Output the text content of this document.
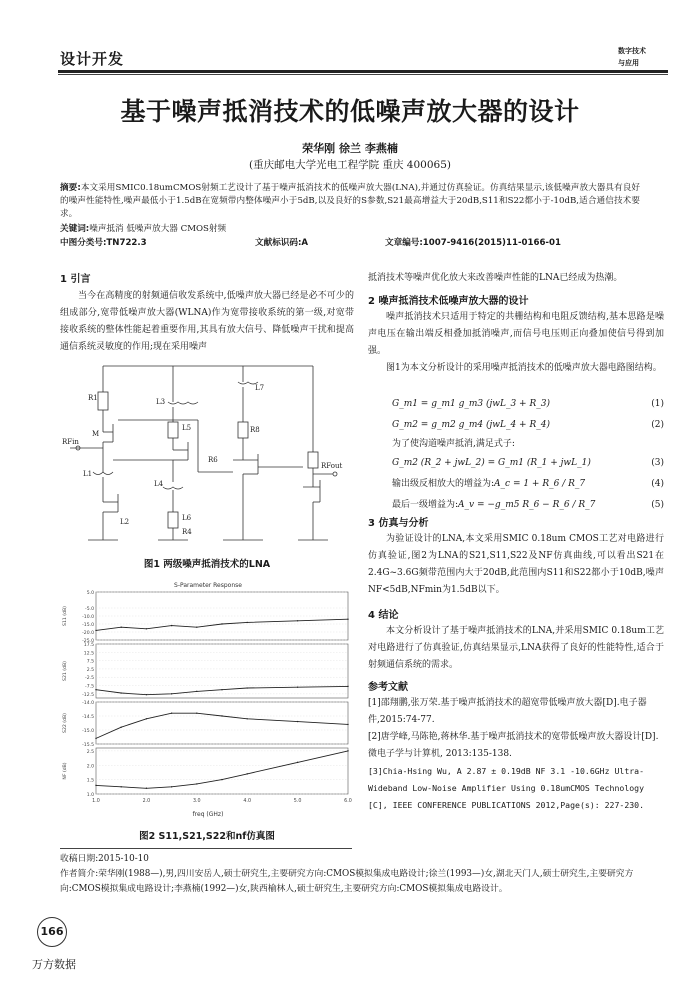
设计开发	数字技术
与应用
基于噪声抵消技术的低噪声放大器的设计
荣华刚 徐兰 李燕楠
(重庆邮电大学光电工程学院 重庆 400065)
摘要:本文采用SMIC0.18umCMOS射频工艺设计了基于噪声抵消技术的低噪声放大器(LNA),并通过仿真验证。仿真结果显示,该低噪声放大器具有良好的噪声性能特性,噪声最低小于1.5dB在宽频带内整体噪声小于5dB,以及良好的S参数,S21最高增益大于20dB,S11和S22都小于-10dB,适合通信技术要求。
关键词:噪声抵消 低噪声放大器 CMOS射频
中图分类号:TN722.3	文献标识码:A	文章编号:1007-9416(2015)11-0166-01
1 引言

当今在高精度的射频通信收发系统中,低噪声放大器已经是必不可少的组成部分,宽带低噪声放大器(WLNA)作为宽带接收系统的第一级,对宽带接收系统的整体性能起着重要作用,其具有放大信号、降低噪声干扰和提高通信系统灵敏度的作用;现在采用噪声

RFin
RFout
R1
L1
L3
L5
L4
L7
R8
R6
L2	L6
R4
M
图1 两级噪声抵消技术的LNA
S-Parameter Response
5.0
-5.0
-10.0
-15.0
-20.0
-25.0
S11 (dB)
17.5
12.5
7.5
2.5
-2.5
-7.5
-12.5
S21 (dB)
-14.0
-14.5
-15.0
-15.5
S22 (dB)
2.5
2.0
1.5
1.0
NF (dB)
1.0	2.0	3.0	4.0	5.0	6.0
freq (GHz)
图2 S11,S21,S22和nf仿真图

抵消技术等噪声优化放大来改善噪声性能的LNA已经成为热潮。

2 噪声抵消技术低噪声放大器的设计

噪声抵消技术只适用于特定的共栅结构和电阻反馈结构,基本思路是噪声电压在输出端反相叠加抵消噪声,而信号电压则正向叠加使信号得到加强。

图1为本文分析设计的采用噪声抵消技术的低噪声放大器电路图结构。

G_m1 = g_m1 g_m3 (jwL_3 + R_3)	(1)
G_m2 = g_m2 g_m4 (jwL_4 + R_4)	(2)
为了使沟道噪声抵消,满足式子:
G_m2 (R_2 + jwL_2) = G_m1 (R_1 + jwL_1)	(3)
输出级反相放大的增益为:A_c = 1 + R_6 / R_7	(4)
最后一级增益为:A_v = −g_m5 R_6 − R_6 / R_7	(5)
3 仿真与分析

为验证设计的LNA,本文采用SMIC 0.18um CMOS工艺对电路进行仿真验证,图2为LNA的S21,S11,S22及NF仿真曲线,可以看出S21在2.4G~3.6G频带范围内大于20dB,此范围内S11和S22都小于10dB,噪声NF<5dB,NFmin为1.5dB以下。

4 结论

本文分析设计了基于噪声抵消技术的LNA,并采用SMIC 0.18um工艺对电路进行了仿真验证,仿真结果显示,LNA获得了良好的性能特性,适合于射频通信系统的需求。

参考文献

[1]邵翔鹏,张万荣.基于噪声抵消技术的超宽带低噪声放大器[D].电子器件,2015:74-77.

[2]唐学峰,马陈艳,蒋林华.基于噪声抵消技术的宽带低噪声放大器设计[D].微电子学与计算机, 2013:135-138.

[3]Chia-Hsing Wu, A 2.87 ± 0.19dB NF 3.1 -10.6GHz Ultra-Wideband Low-Noise Amplifier Using 0.18umCMOS Technology [C], IEEE CONFERENCE PUBLICATIONS 2012,Page(s): 227-230.

收稿日期:2015-10-10
作者简介:荣华刚(1988—),男,四川安岳人,硕士研究生,主要研究方向:CMOS模拟集成电路设计;徐兰(1993—)女,湖北天门人,硕士研究生,主要研究方向:CMOS模拟集成电路设计;李燕楠(1992—)女,陕西榆林人,硕士研究生,主要研究方向:CMOS模拟集成电路设计。
166
万方数据
